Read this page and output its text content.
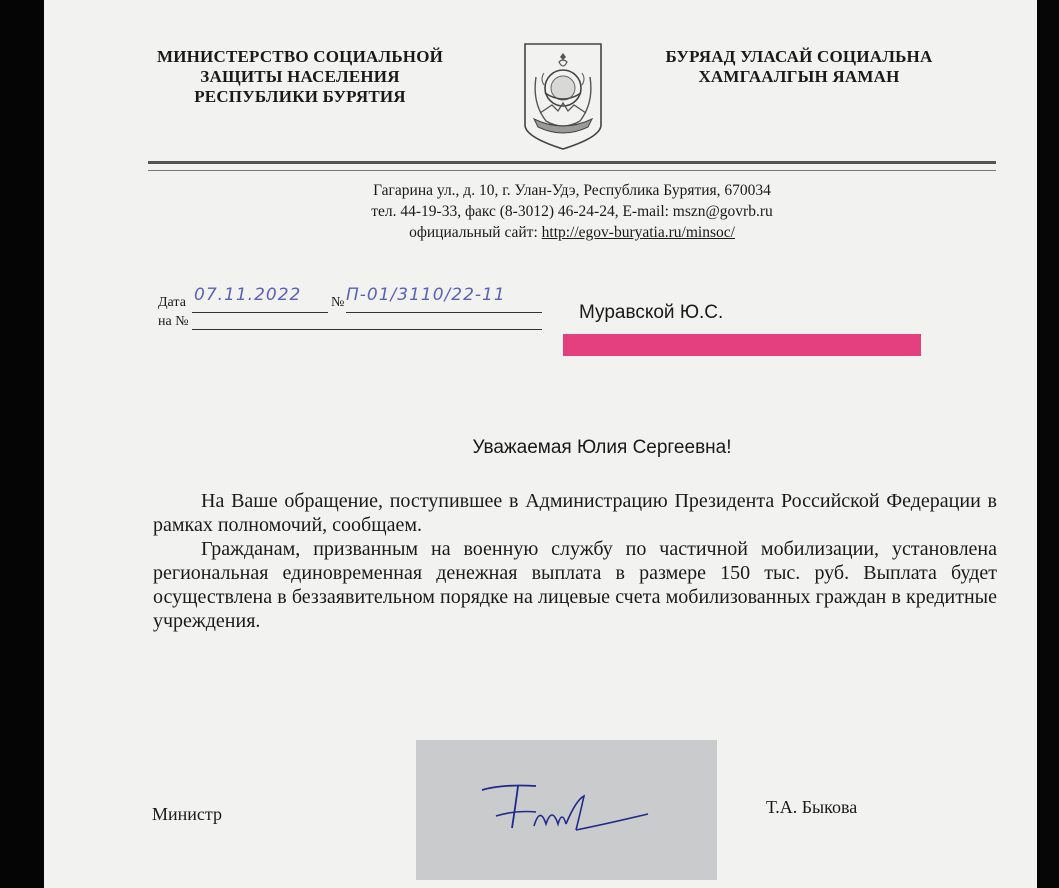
МИНИСТЕРСТВО СОЦИАЛЬНОЙ
ЗАЩИТЫ НАСЕЛЕНИЯ
РЕСПУБЛИКИ БУРЯТИЯ
БУРЯАД УЛАСАЙ СОЦИАЛЬНА
ХАМГААЛГЫН ЯАМАН
Гагарина ул., д. 10, г. Улан-Удэ, Республика Бурятия, 670034
тел. 44-19-33, факс (8-3012) 46-24-24, E-mail: mszn@govrb.ru
официальный сайт: http://egov-buryatia.ru/minsoc/
Дата 07.11.2022 № П-01/3110/22-11
на №	Муравской Ю.С.
Уважаемая Юлия Сергеевна!

На Ваше обращение, поступившее в Администрацию Президента Российской Федерации в рамках полномочий, сообщаем.

Гражданам, призванным на военную службу по частичной мобилизации, установлена региональная единовременная денежная выплата в размере 150 тыс. руб. Выплата будет осуществлена в беззаявительном порядке на лицевые счета мобилизованных граждан в кредитные учреждения.

Министр	Т.А. Быкова
